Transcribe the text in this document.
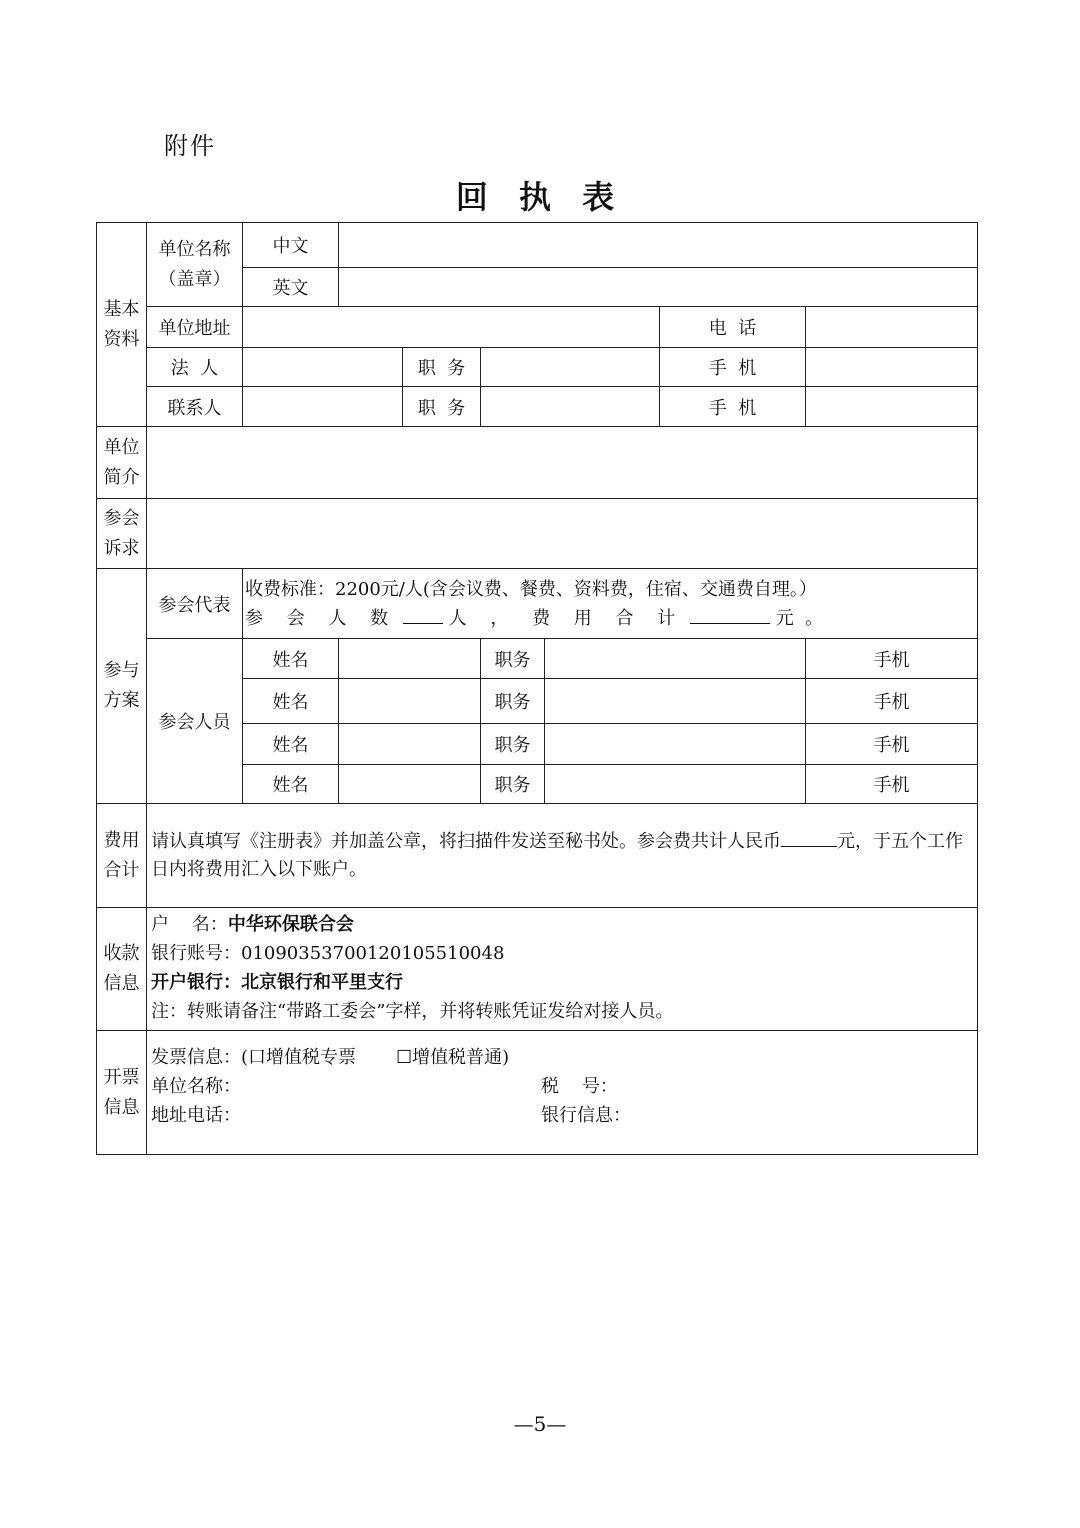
附件
回 执 表
基本资料	单位名称（盖章）	中文							
		英文							
	单位地址						电  话		
	法  人			职  务			手  机		
	联系人			职  务			手  机		
单位简介									
参会诉求									
参与方案	参会代表	收费标准：2200元/人(含会议费、餐费、资料费，住宿、交通费自理。）
参 会 人 数 人 ， 费 用 合 计 元  。							

	参会人员	姓名			职务			手机	
		姓名			职务			手机	
		姓名			职务			手机	
		姓名			职务			手机	
费用合计	请认真填写《注册表》并加盖公章，将扫描件发送至秘书处。参会费共计人民币 元，于五个工作日内将费用汇入以下账户。								
收款信息	户    名：中华环保联合会
银行账号：0109035370012010551​0048
开户银行：北京银行和平里支行
注：转账请备注“带路工委会”字样，并将转账凭证发给对接人员。								

开票信息	发票信息：(口增值税专票 ☐增值税普通)
单位名称： 税    号：
地址电话： 银行信息：								
—5—
